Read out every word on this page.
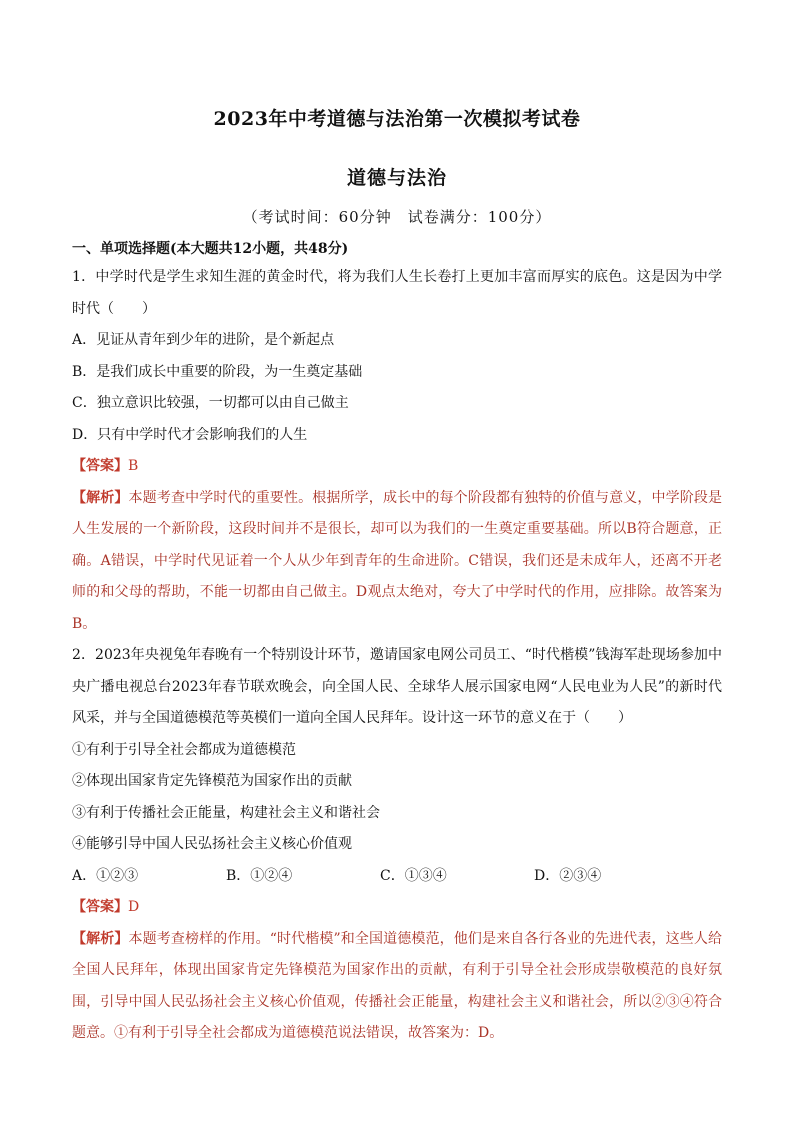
2023年中考道德与法治第一次模拟考试卷
道德与法治
（考试时间：60分钟　试卷满分：100分）
一、单项选择题(本大题共12小题，共48分)

1．中学时代是学生求知生涯的黄金时代，将为我们人生长卷打上更加丰富而厚实的底色。这是因为中学时代（　　）

A．见证从青年到少年的进阶，是个新起点
B．是我们成长中重要的阶段，为一生奠定基础
C．独立意识比较强，一切都可以由自己做主
D．只有中学时代才会影响我们的人生
【答案】B

【解析】本题考查中学时代的重要性。根据所学，成长中的每个阶段都有独特的价值与意义，中学阶段是人生发展的一个新阶段，这段时间并不是很长，却可以为我们的一生奠定重要基础。所以B符合题意，正确。A错误，中学时代见证着一个人从少年到青年的生命进阶。C错误，我们还是未成年人，还离不开老师的和父母的帮助，不能一切都由自己做主。D观点太绝对，夸大了中学时代的作用，应排除。故答案为B。

2．2023年央视兔年春晚有一个特别设计环节，邀请国家电网公司员工、“时代楷模”钱海军赴现场参加中央广播电视总台2023年春节联欢晚会，向全国人民、全球华人展示国家电网“人民电业为人民”的新时代风采，并与全国道德模范等英模们一道向全国人民拜年。设计这一环节的意义在于（　　）

①有利于引导全社会都成为道德模范
②体现出国家肯定先锋模范为国家作出的贡献
③有利于传播社会正能量，构建社会主义和谐社会
④能够引导中国人民弘扬社会主义核心价值观
A．①②③	B．①②④	C．①③④	D．②③④
【答案】D

【解析】本题考查榜样的作用。“时代楷模”和全国道德模范，他们是来自各行各业的先进代表，这些人给全国人民拜年，体现出国家肯定先锋模范为国家作出的贡献，有利于引导全社会形成崇敬模范的良好氛围，引导中国人民弘扬社会主义核心价值观，传播社会正能量，构建社会主义和谐社会，所以②③④符合题意。①有利于引导全社会都成为道德模范说法错误，故答案为：D。
